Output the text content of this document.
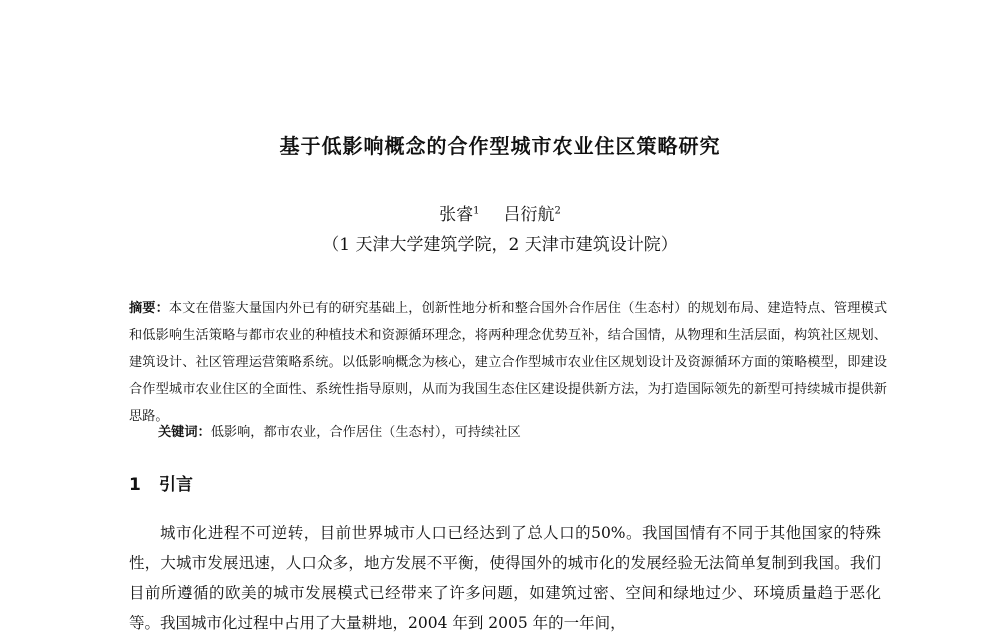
基于低影响概念的合作型城市农业住区策略研究
张睿$^1$ 吕衍航$^2$
（1 天津大学建筑学院，2 天津市建筑设计院）
摘要：本文在借鉴大量国内外已有的研究基础上，创新性地分析和整合国外合作居住（生态村）的规划布局、建造特点、管理模式和低影响生活策略与都市农业的种植技术和资源循环理念，将两种理念优势互补，结合国情，从物理和生活层面，构筑社区规划、建筑设计、社区管理运营策略系统。以低影响概念为核心，建立合作型城市农业住区规划设计及资源循环方面的策略模型，即建设合作型城市农业住区的全面性、系统性指导原则，从而为我国生态住区建设提供新方法，为打造国际领先的新型可持续城市提供新思路。
关键词：低影响，都市农业，合作居住（生态村），可持续社区
1 引言
城市化进程不可逆转，目前世界城市人口已经达到了总人口的50%。我国国情有不同于其他国家的特殊性，大城市发展迅速，人口众多，地方发展不平衡，使得国外的城市化的发展经验无法简单复制到我国。我们目前所遵循的欧美的城市发展模式已经带来了许多问题，如建筑过密、空间和绿地过少、环境质量趋于恶化等。我国城市化过程中占用了大量耕地，2004 年到 2005 年的一年间，
